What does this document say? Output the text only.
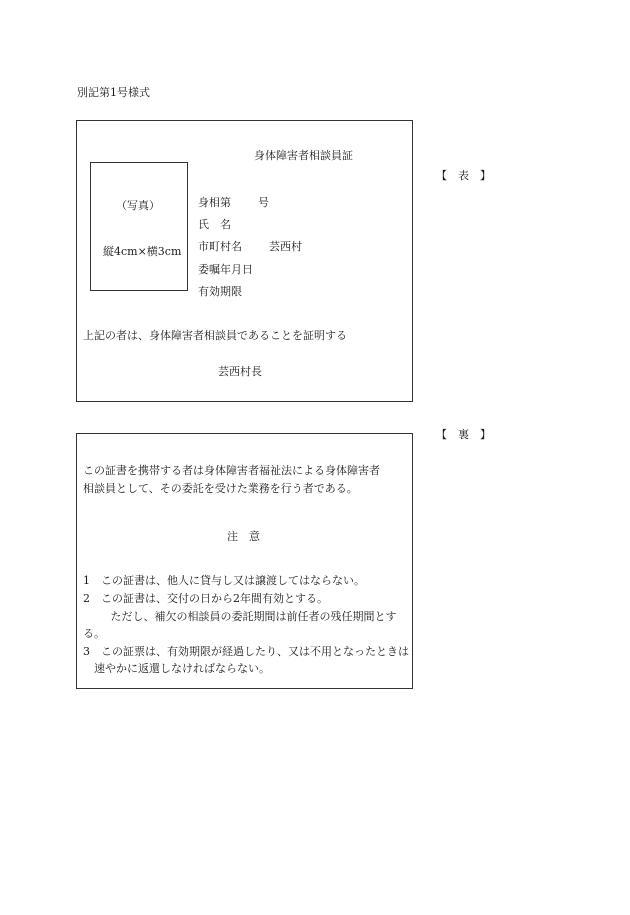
別記第1号様式
身体障害者相談員証
（写真）
縦4cm×横3cm
身相第 号
氏　名
市町村名 芸西村
委嘱年月日
有効期限
上記の者は、身体障害者相談員であることを証明する
芸西村長
【　表　】
【　裏　】
この証書を携帯する者は身体障害者福祉法による身体障害者
相談員として、その委託を受けた業務を行う者である。
注　意
1　この証書は、他人に貸与し又は譲渡してはならない。
2　この証書は、交付の日から2年間有効とする。
　ただし、補欠の相談員の委託期間は前任者の残任期間とする。
3　この証票は、有効期限が経過したり、又は不用となったときは速やかに返還しなければならない。
